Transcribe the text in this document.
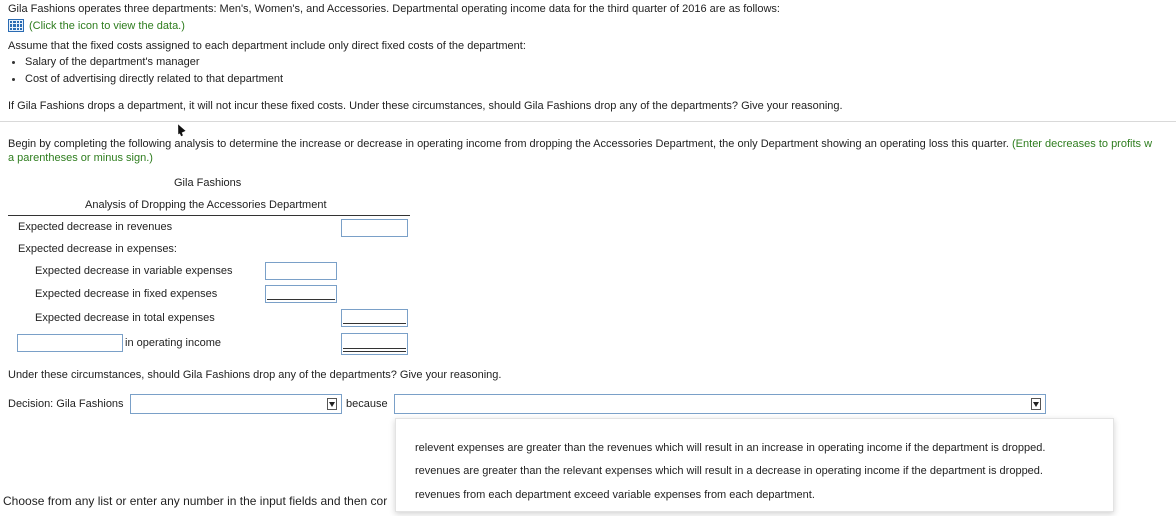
Gila Fashions operates three departments: Men's, Women's, and Accessories. Departmental operating income data for the third quarter of 2016 are as follows:
(Click the icon to view the data.)
Assume that the fixed costs assigned to each department include only direct fixed costs of the department:
Salary of the department's manager
Cost of advertising directly related to that department
If Gila Fashions drops a department, it will not incur these fixed costs. Under these circumstances, should Gila Fashions drop any of the departments? Give your reasoning.
Begin by completing the following analysis to determine the increase or decrease in operating income from dropping the Accessories Department, the only Department showing an operating loss this quarter. (Enter decreases to profits w
a parentheses or minus sign.)
Gila Fashions
Analysis of Dropping the Accessories Department
Expected decrease in revenues
Expected decrease in expenses:
Expected decrease in variable expenses
Expected decrease in fixed expenses
Expected decrease in total expenses
in operating income
Under these circumstances, should Gila Fashions drop any of the departments? Give your reasoning.
Decision: Gila Fashions	because
Choose from any list or enter any number in the input fields and then cor
relevent expenses are greater than the revenues which will result in an increase in operating income if the department is dropped.
revenues are greater than the relevant expenses which will result in a decrease in operating income if the department is dropped.
revenues from each department exceed variable expenses from each department.
